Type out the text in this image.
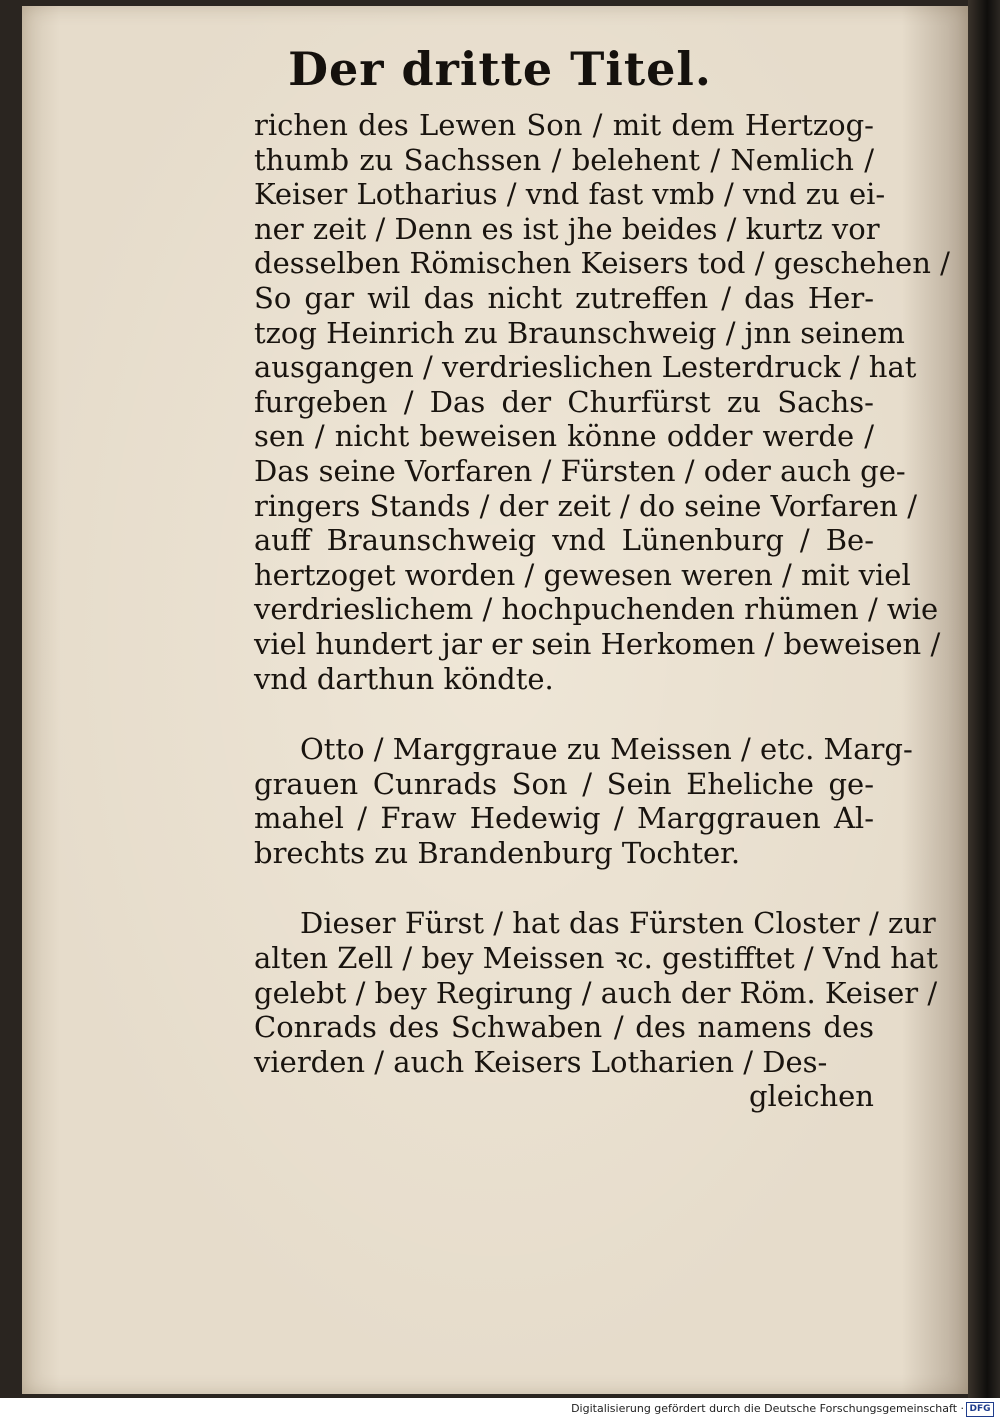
Der dritte Titel.
richen des Lewen Son / mit dem Hertzog-
thumb zu Sachssen / belehent / Nemlich /
Keiser Lotharius / vnd fast vmb / vnd zu ei-
ner zeit / Denn es ist jhe beides / kurtz vor
desselben Römischen Keisers tod / geschehen /
So gar wil das nicht zutreffen / das Her-
tzog Heinrich zu Braunschweig / jnn seinem
ausgangen / verdrieslichen Lesterdruck / hat
furgeben / Das der Churfürst zu Sachs-
sen / nicht beweisen könne odder werde /
Das seine Vorfaren / Fürsten / oder auch ge-
ringers Stands / der zeit / do seine Vorfaren /
auff Braunschweig vnd Lünenburg / Be-
hertzoget worden / gewesen weren / mit viel
verdrieslichem / hochpuchenden rhümen / wie
viel hundert jar er sein Herkomen / beweisen /
vnd darthun köndte.
Otto / Marggraue zu Meissen / etc. Marg-
grauen Cunrads Son / Sein Eheliche ge-
mahel / Fraw Hedewig / Marggrauen Al-
brechts zu Brandenburg Tochter.
Dieser Fürst / hat das Fürsten Closter / zur
alten Zell / bey Meissen ꝛc. gestifftet / Vnd hat
gelebt / bey Regirung / auch der Röm. Keiser /
Conrads des Schwaben / des namens des
vierden / auch Keisers Lotharien / Des-
gleichen
Digitalisierung gefördert durch die Deutsche Forschungsgemeinschaft · DFG
